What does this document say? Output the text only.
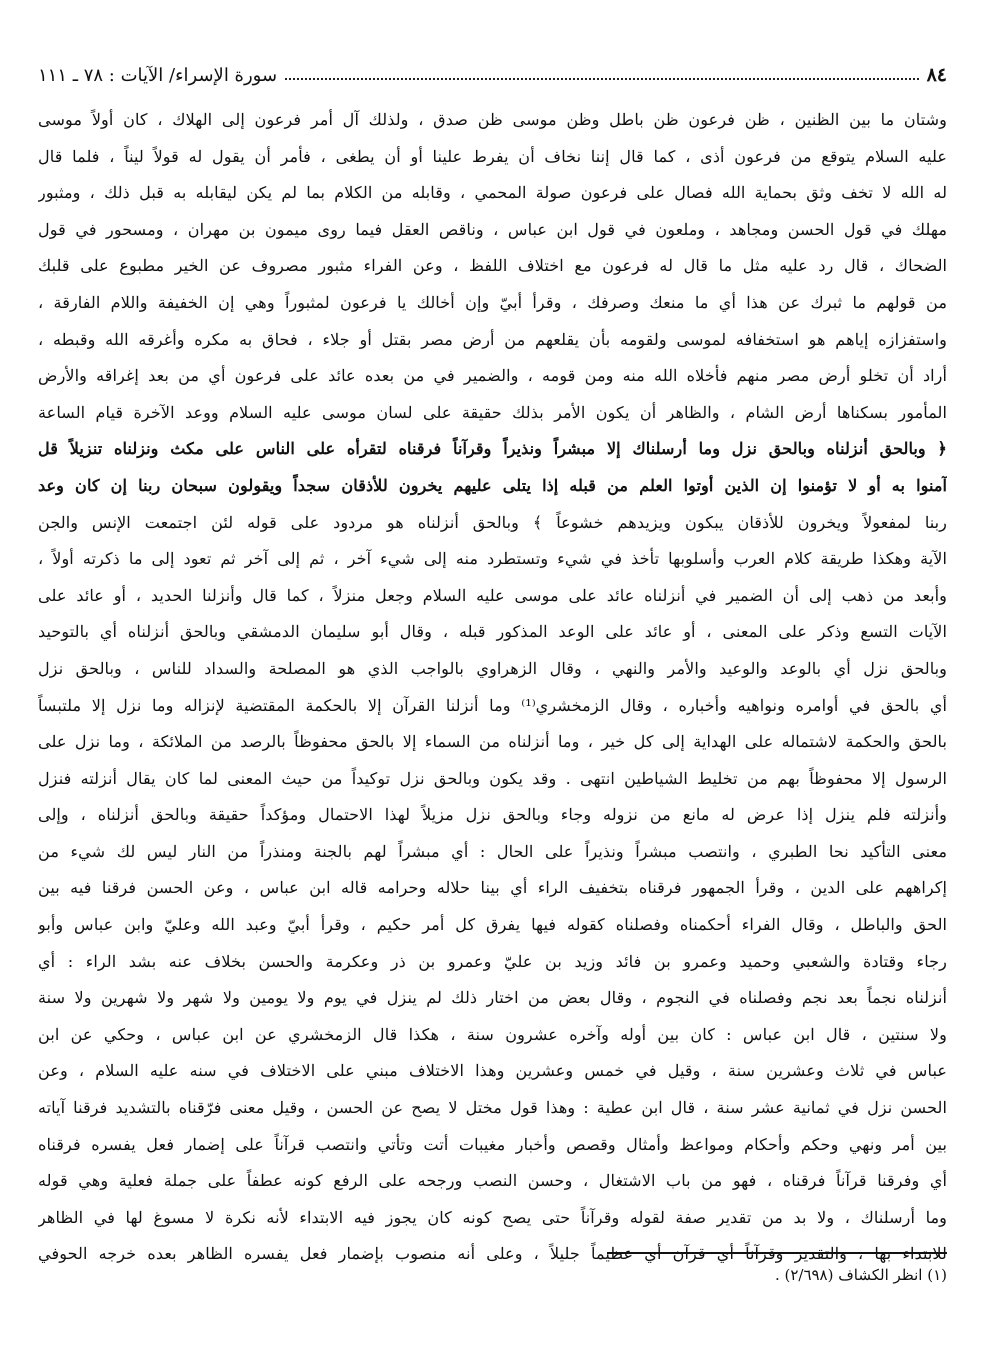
٨٤
سورة الإسراء/ الآيات : ٧٨ ـ ١١١
وشتان ما بين الظنين ، ظن فرعون ظن باطل وظن موسى ظن صدق ، ولذلك آل أمر فرعون إلى الهلاك ، كان أولاً موسى
عليه السلام يتوقع من فرعون أذى ، كما قال إننا نخاف أن يفرط علينا أو أن يطغى ، فأمر أن يقول له قولاً ليناً ، فلما قال
له الله لا تخف وثق بحماية الله فصال على فرعون صولة المحمي ، وقابله من الكلام بما لم يكن ليقابله به قبل ذلك ، ومثبور
مهلك في قول الحسن ومجاهد ، وملعون في قول ابن عباس ، وناقص العقل فيما روى ميمون بن مهران ، ومسحور في قول
الضحاك ، قال رد عليه مثل ما قال له فرعون مع اختلاف اللفظ ، وعن الفراء مثبور مصروف عن الخير مطبوع على قلبك
من قولهم ما ثبرك عن هذا أي ما منعك وصرفك ، وقرأ أبيّ وإن أخالك يا فرعون لمثبوراً وهي إن الخفيفة واللام الفارقة ،
واستفزازه إياهم هو استخفافه لموسى ولقومه بأن يقلعهم من أرض مصر بقتل أو جلاء ، فحاق به مكره وأغرقه الله وقبطه ،
أراد أن تخلو أرض مصر منهم فأخلاه الله منه ومن قومه ، والضمير في من بعده عائد على فرعون أي من بعد إغراقه والأرض
المأمور بسكناها أرض الشام ، والظاهر أن يكون الأمر بذلك حقيقة على لسان موسى عليه السلام ووعد الآخرة قيام الساعة
﴿ وبالحق أنزلناه وبالحق نزل وما أرسلناك إلا مبشراً ونذيراً وقرآناً فرقناه لتقرأه على الناس على مكث ونزلناه تنزيلاً قل
آمنوا به أو لا تؤمنوا إن الذين أوتوا العلم من قبله إذا يتلى عليهم يخرون للأذقان سجداً ويقولون سبحان ربنا إن كان وعد
ربنا لمفعولاً ويخرون للأذقان يبكون ويزيدهم خشوعاً ﴾ وبالحق أنزلناه هو مردود على قوله لئن اجتمعت الإنس والجن
الآية وهكذا طريقة كلام العرب وأسلوبها تأخذ في شيء وتستطرد منه إلى شيء آخر ، ثم إلى آخر ثم تعود إلى ما ذكرته أولاً ،
وأبعد من ذهب إلى أن الضمير في أنزلناه عائد على موسى عليه السلام وجعل منزلاً ، كما قال وأنزلنا الحديد ، أو عائد على
الآيات التسع وذكر على المعنى ، أو عائد على الوعد المذكور قبله ، وقال أبو سليمان الدمشقي وبالحق أنزلناه أي بالتوحيد
وبالحق نزل أي بالوعد والوعيد والأمر والنهي ، وقال الزهراوي بالواجب الذي هو المصلحة والسداد للناس ، وبالحق نزل
أي بالحق في أوامره ونواهيه وأخباره ، وقال الزمخشري⁽¹⁾ وما أنزلنا القرآن إلا بالحكمة المقتضية لإنزاله وما نزل إلا ملتبساً
بالحق والحكمة لاشتماله على الهداية إلى كل خير ، وما أنزلناه من السماء إلا بالحق محفوظاً بالرصد من الملائكة ، وما نزل على
الرسول إلا محفوظاً بهم من تخليط الشياطين انتهى . وقد يكون وبالحق نزل توكيداً من حيث المعنى لما كان يقال أنزلته فنزل
وأنزلته فلم ينزل إذا عرض له مانع من نزوله وجاء وبالحق نزل مزيلاً لهذا الاحتمال ومؤكداً حقيقة وبالحق أنزلناه ، وإلى
معنى التأكيد نحا الطبري ، وانتصب مبشراً ونذيراً على الحال : أي مبشراً لهم بالجنة ومنذراً من النار ليس لك شيء من
إكراههم على الدين ، وقرأ الجمهور فرقناه بتخفيف الراء أي بينا حلاله وحرامه قاله ابن عباس ، وعن الحسن فرقنا فيه بين
الحق والباطل ، وقال الفراء أحكمناه وفصلناه كقوله فيها يفرق كل أمر حكيم ، وقرأ أبيّ وعبد الله وعليّ وابن عباس وأبو
رجاء وقتادة والشعبي وحميد وعمرو بن فائد وزيد بن عليّ وعمرو بن ذر وعكرمة والحسن بخلاف عنه بشد الراء : أي
أنزلناه نجماً بعد نجم وفصلناه في النجوم ، وقال بعض من اختار ذلك لم ينزل في يوم ولا يومين ولا شهر ولا شهرين ولا سنة
ولا سنتين ، قال ابن عباس : كان بين أوله وآخره عشرون سنة ، هكذا قال الزمخشري عن ابن عباس ، وحكي عن ابن
عباس في ثلاث وعشرين سنة ، وقيل في خمس وعشرين وهذا الاختلاف مبني على الاختلاف في سنه عليه السلام ، وعن
الحسن نزل في ثمانية عشر سنة ، قال ابن عطية : وهذا قول مختل لا يصح عن الحسن ، وقيل معنى فرّقناه بالتشديد فرقنا آياته
بين أمر ونهي وحكم وأحكام ومواعظ وأمثال وقصص وأخبار مغيبات أتت وتأتي وانتصب قرآناً على إضمار فعل يفسره فرقناه
أي وفرقنا قرآناً فرقناه ، فهو من باب الاشتغال ، وحسن النصب ورجحه على الرفع كونه عطفاً على جملة فعلية وهي قوله
وما أرسلناك ، ولا بد من تقدير صفة لقوله وقرآناً حتى يصح كونه كان يجوز فيه الابتداء لأنه نكرة لا مسوغ لها في الظاهر
للابتداء بها ، والتقدير وقرآناً أي قرآن أي عظيماً جليلاً ، وعلى أنه منصوب بإضمار فعل يفسره الظاهر بعده خرجه الحوفي
(١) انظر الكشاف (٢/٦٩٨) .
